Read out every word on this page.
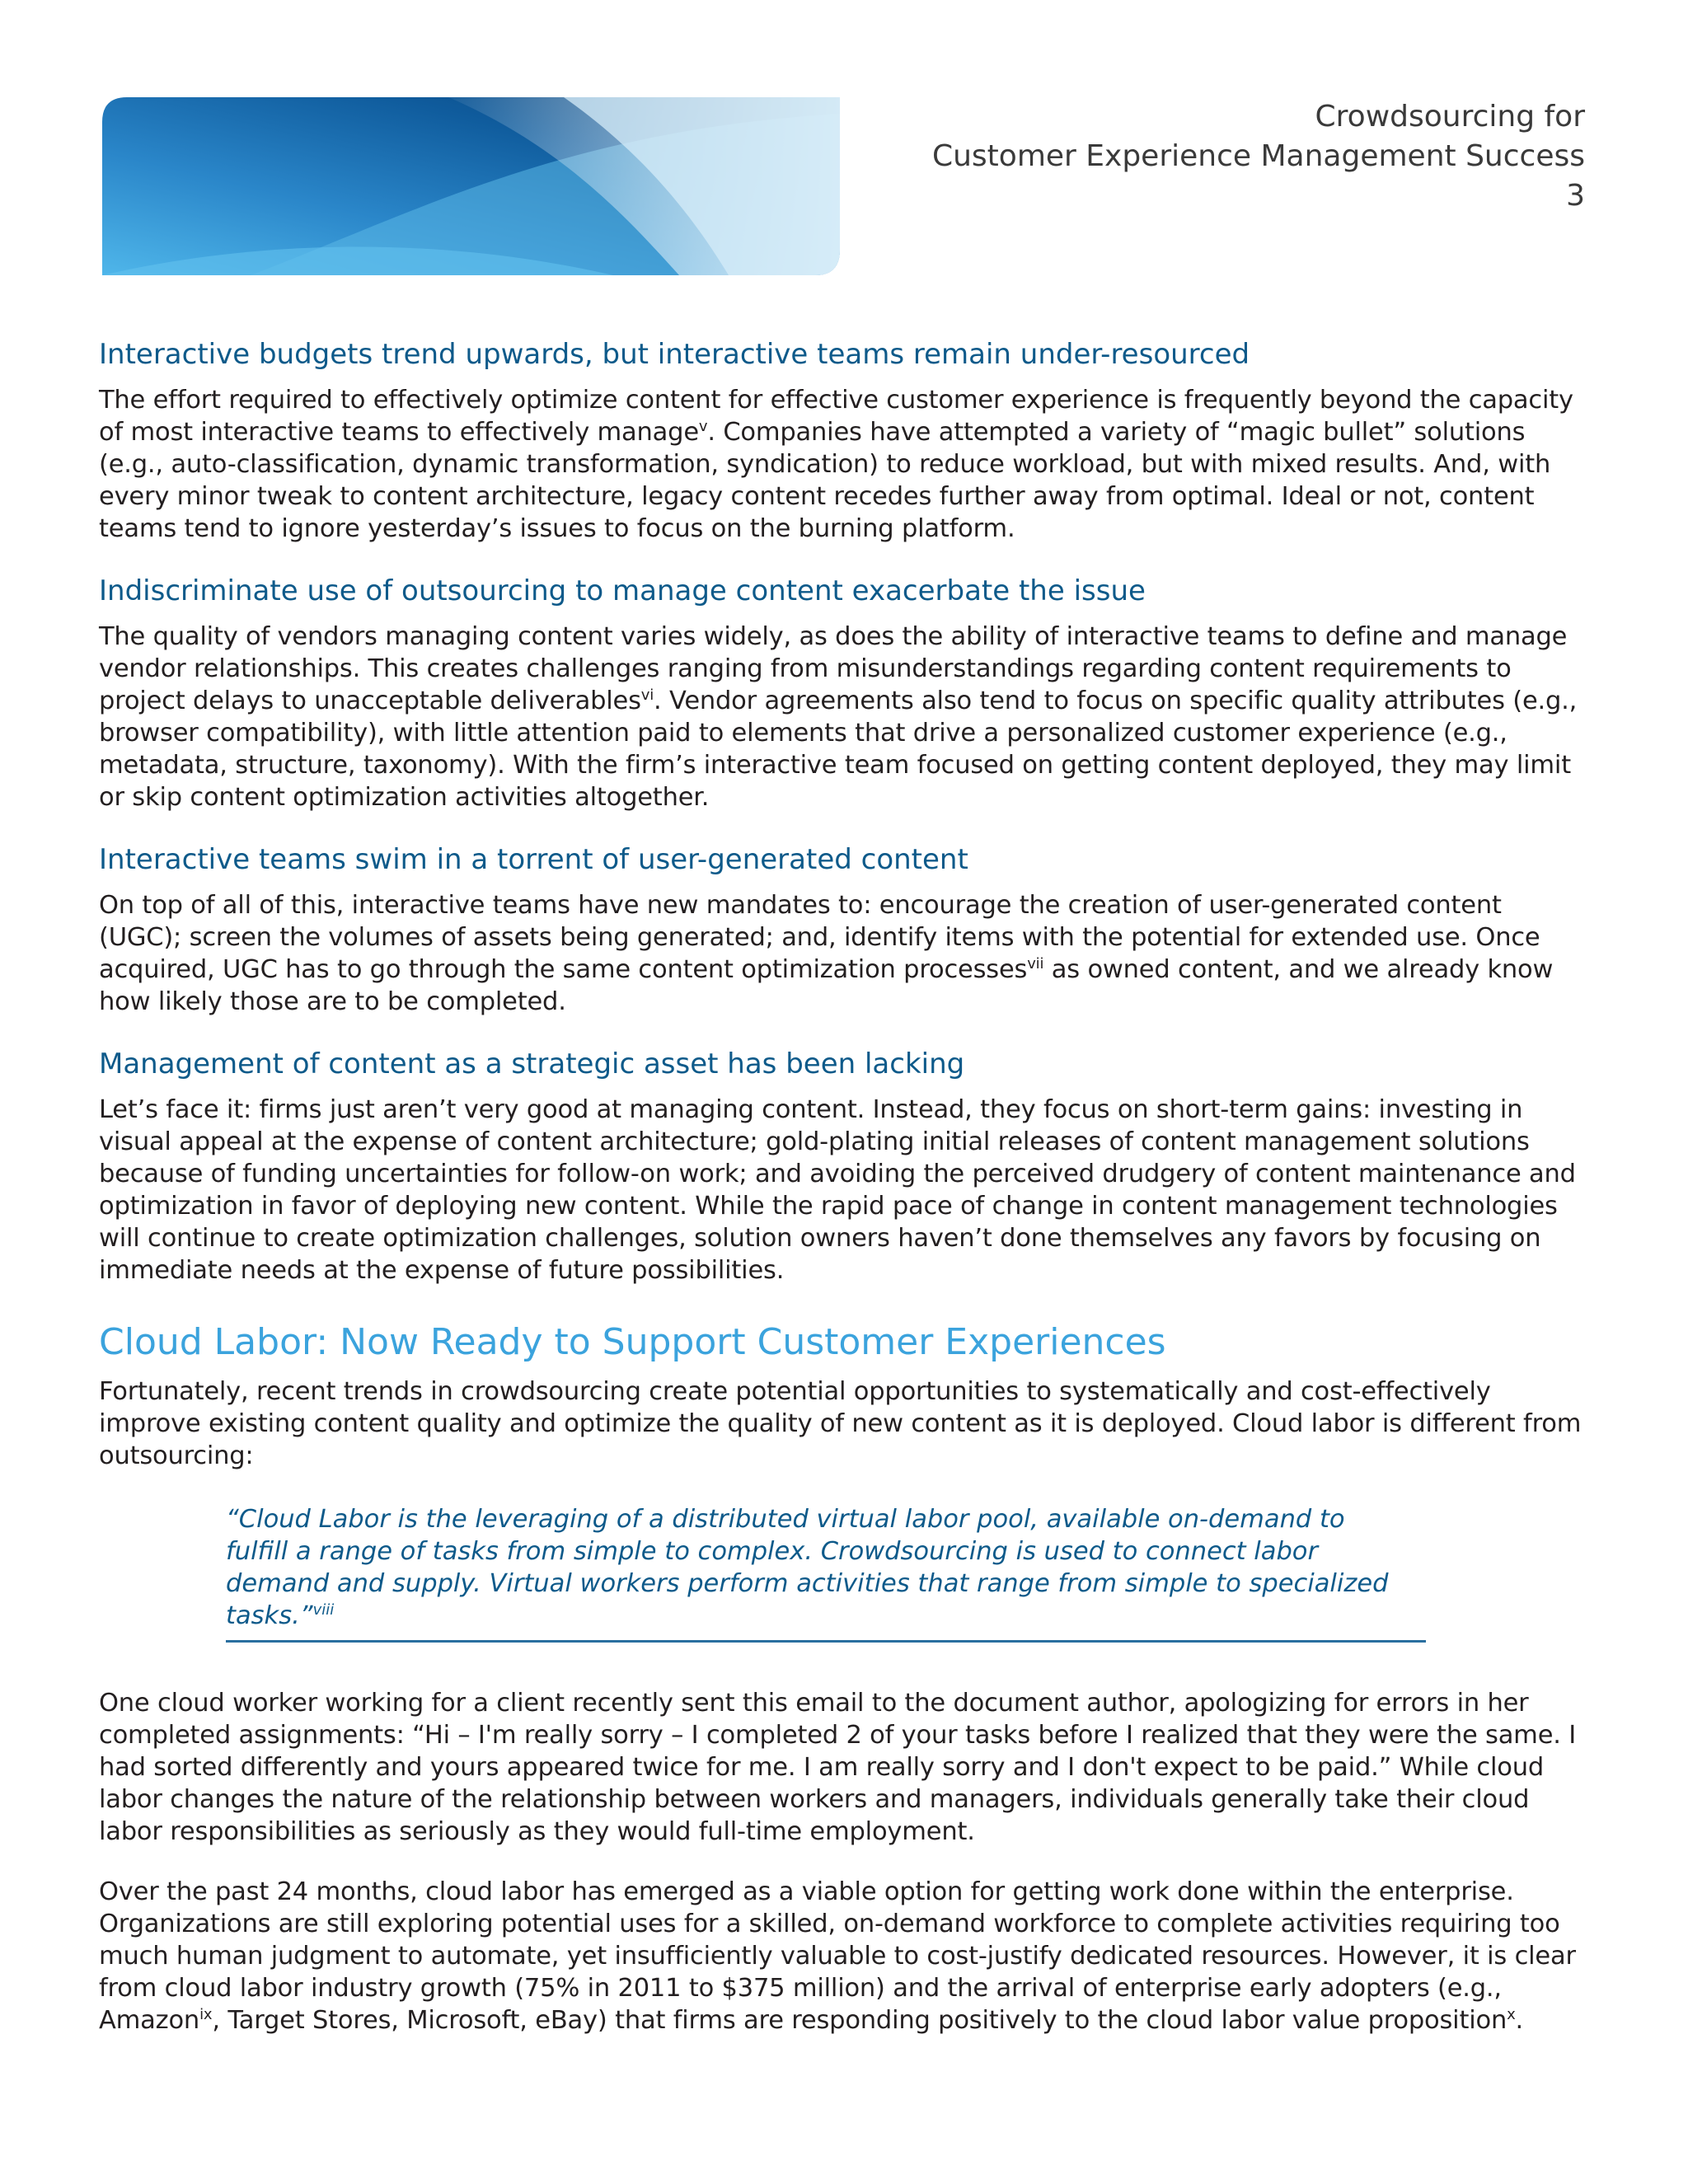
Crowdsourcing for
Customer Experience Management Success
3
Interactive budgets trend upwards, but interactive teams remain under-resourced

The effort required to effectively optimize content for effective customer experience is frequently beyond the capacity of most interactive teams to effectively manage$^v$. Companies have attempted a variety of “magic bullet” solutions (e.g., auto-classification, dynamic transformation, syndication) to reduce workload, but with mixed results. And, with every minor tweak to content architecture, legacy content recedes further away from optimal. Ideal or not, content teams tend to ignore yesterday’s issues to focus on the burning platform.

Indiscriminate use of outsourcing to manage content exacerbate the issue

The quality of vendors managing content varies widely, as does the ability of interactive teams to define and manage vendor relationships. This creates challenges ranging from misunderstandings regarding content requirements to project delays to unacceptable deliverables$^{vi}$. Vendor agreements also tend to focus on specific quality attributes (e.g., browser compatibility), with little attention paid to elements that drive a personalized customer experience (e.g., metadata, structure, taxonomy). With the firm’s interactive team focused on getting content deployed, they may limit or skip content optimization activities altogether.

Interactive teams swim in a torrent of user-generated content

On top of all of this, interactive teams have new mandates to: encourage the creation of user-generated content (UGC); screen the volumes of assets being generated; and, identify items with the potential for extended use. Once acquired, UGC has to go through the same content optimization processes$^{vii}$ as owned content, and we already know how likely those are to be completed.

Management of content as a strategic asset has been lacking

Let’s face it: firms just aren’t very good at managing content. Instead, they focus on short-term gains: investing in visual appeal at the expense of content architecture; gold-plating initial releases of content management solutions because of funding uncertainties for follow-on work; and avoiding the perceived drudgery of content maintenance and optimization in favor of deploying new content. While the rapid pace of change in content management technologies will continue to create optimization challenges, solution owners haven’t done themselves any favors by focusing on immediate needs at the expense of future possibilities.

Cloud Labor: Now Ready to Support Customer Experiences

Fortunately, recent trends in crowdsourcing create potential opportunities to systematically and cost-effectively improve existing content quality and optimize the quality of new content as it is deployed. Cloud labor is different from outsourcing:

“Cloud Labor is the leveraging of a distributed virtual labor pool, available on-demand to fulfill a range of tasks from simple to complex. Crowdsourcing is used to connect labor demand and supply. Virtual workers perform activities that range from simple to specialized tasks.”$^{viii}$

One cloud worker working for a client recently sent this email to the document author, apologizing for errors in her completed assignments: “Hi – I'm really sorry – I completed 2 of your tasks before I realized that they were the same. I had sorted differently and yours appeared twice for me. I am really sorry and I don't expect to be paid.” While cloud labor changes the nature of the relationship between workers and managers, individuals generally take their cloud labor responsibilities as seriously as they would full-time employment.

Over the past 24 months, cloud labor has emerged as a viable option for getting work done within the enterprise. Organizations are still exploring potential uses for a skilled, on-demand workforce to complete activities requiring too much human judgment to automate, yet insufficiently valuable to cost-justify dedicated resources. However, it is clear from cloud labor industry growth (75% in 2011 to $375 million) and the arrival of enterprise early adopters (e.g., Amazon$^{ix}$, Target Stores, Microsoft, eBay) that firms are responding positively to the cloud labor value proposition$^x$.
